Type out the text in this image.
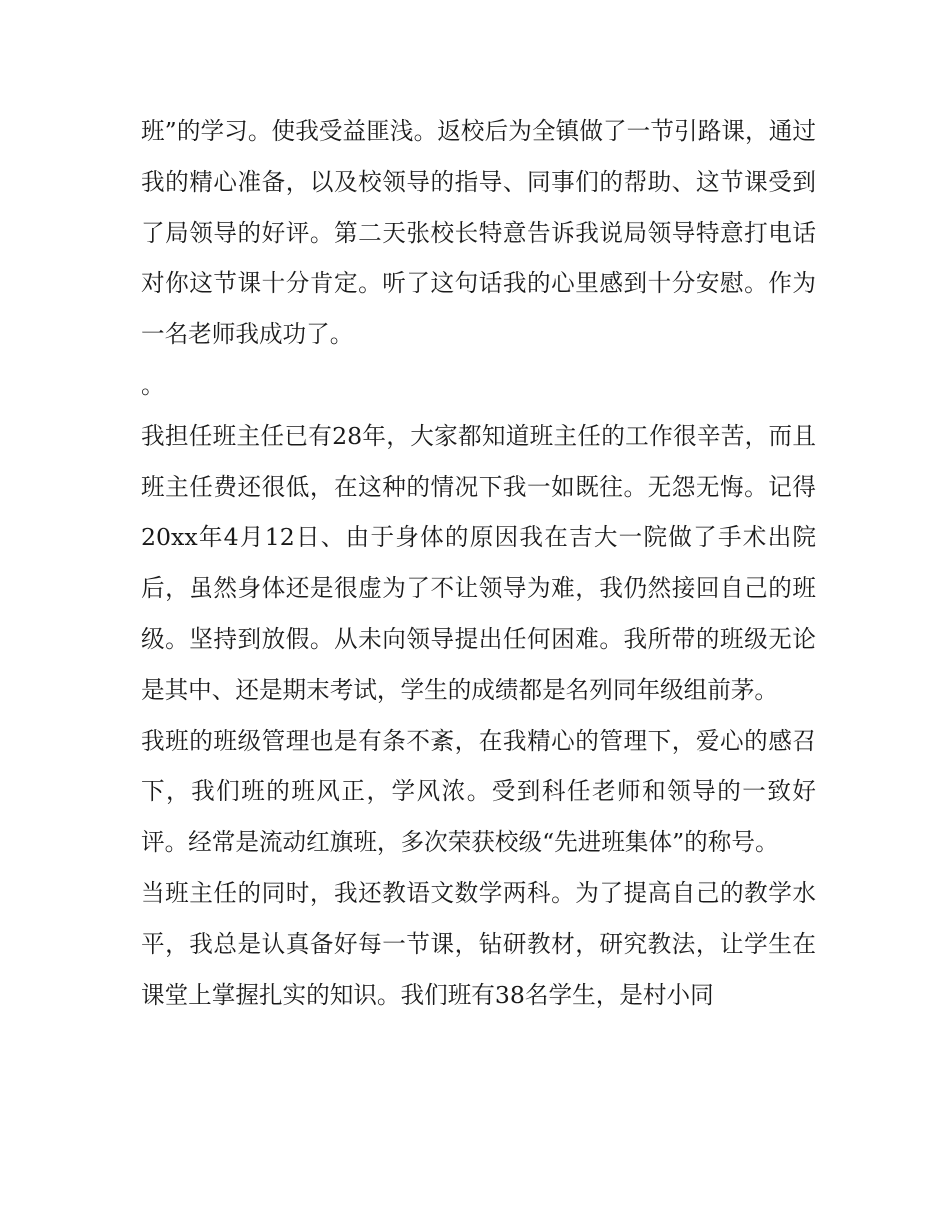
班”的学习。使我受益匪浅。返校后为全镇做了一节引路课，通过我的精心准备，以及校领导的指导、同事们的帮助、这节课受到了局领导的好评。第二天张校长特意告诉我说局领导特意打电话对你这节课十分肯定。听了这句话我的心里感到十分安慰。作为一名老师我成功了。

。

我担任班主任已有28年，大家都知道班主任的工作很辛苦，而且班主任费还很低，在这种的情况下我一如既往。无怨无悔。记得20xx年4月12日、由于身体的原因我在吉大一院做了手术出院后，虽然身体还是很虚为了不让领导为难，我仍然接回自己的班级。坚持到放假。从未向领导提出任何困难。我所带的班级无论是其中、还是期末考试，学生的成绩都是名列同年级组前茅。

我班的班级管理也是有条不紊，在我精心的管理下，爱心的感召下，我们班的班风正，学风浓。受到科任老师和领导的一致好评。经常是流动红旗班，多次荣获校级“先进班集体”的称号。

当班主任的同时，我还教语文数学两科。为了提高自己的教学水平，我总是认真备好每一节课，钻研教材，研究教法，让学生在课堂上掌握扎实的知识。我们班有38名学生，是村小同
